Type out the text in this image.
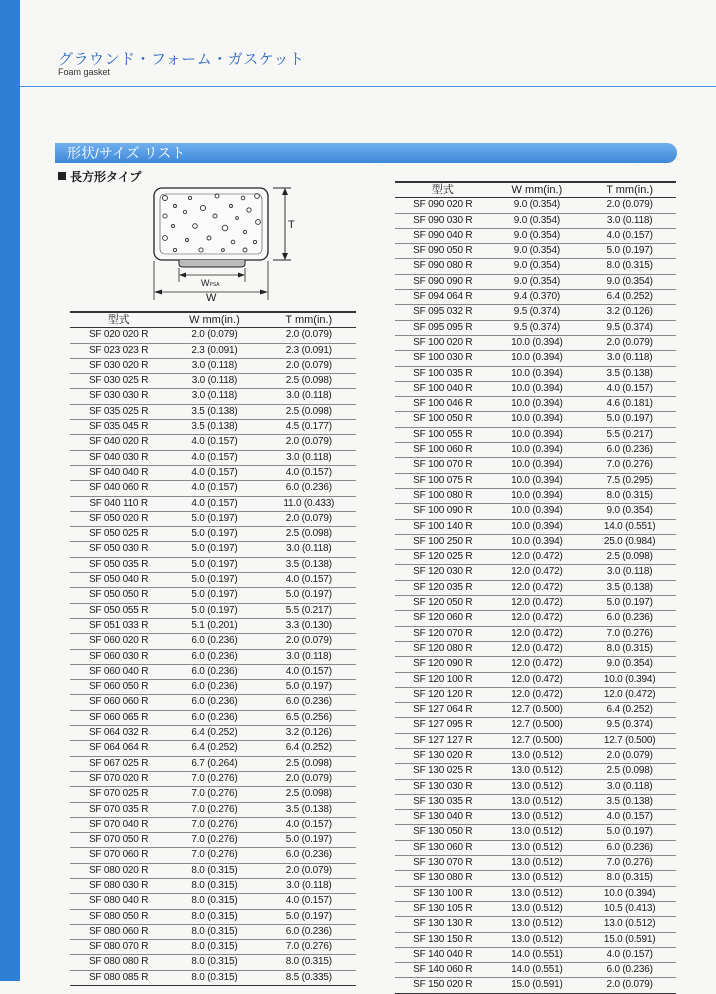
グラウンド・フォーム・ガスケット
Foam gasket
形状/サイズ リスト
長方形タイプ
T
WPSA
W
型式	W mm(in.)	T mm(in.)
SF 020 020 R	2.0 (0.079)	2.0 (0.079)
SF 023 023 R	2.3 (0.091)	2.3 (0.091)
SF 030 020 R	3.0 (0.118)	2.0 (0.079)
SF 030 025 R	3.0 (0.118)	2.5 (0.098)
SF 030 030 R	3.0 (0.118)	3.0 (0.118)
SF 035 025 R	3.5 (0.138)	2.5 (0.098)
SF 035 045 R	3.5 (0.138)	4.5 (0.177)
SF 040 020 R	4.0 (0.157)	2.0 (0.079)
SF 040 030 R	4.0 (0.157)	3.0 (0.118)
SF 040 040 R	4.0 (0.157)	4.0 (0.157)
SF 040 060 R	4.0 (0.157)	6.0 (0.236)
SF 040 110 R	4.0 (0.157)	11.0 (0.433)
SF 050 020 R	5.0 (0.197)	2.0 (0.079)
SF 050 025 R	5.0 (0.197)	2.5 (0.098)
SF 050 030 R	5.0 (0.197)	3.0 (0.118)
SF 050 035 R	5.0 (0.197)	3.5 (0.138)
SF 050 040 R	5.0 (0.197)	4.0 (0.157)
SF 050 050 R	5.0 (0.197)	5.0 (0.197)
SF 050 055 R	5.0 (0.197)	5.5 (0.217)
SF 051 033 R	5.1 (0.201)	3.3 (0.130)
SF 060 020 R	6.0 (0.236)	2.0 (0.079)
SF 060 030 R	6.0 (0.236)	3.0 (0.118)
SF 060 040 R	6.0 (0.236)	4.0 (0.157)
SF 060 050 R	6.0 (0.236)	5.0 (0.197)
SF 060 060 R	6.0 (0.236)	6.0 (0.236)
SF 060 065 R	6.0 (0.236)	6.5 (0.256)
SF 064 032 R	6.4 (0.252)	3.2 (0.126)
SF 064 064 R	6.4 (0.252)	6.4 (0.252)
SF 067 025 R	6.7 (0.264)	2.5 (0.098)
SF 070 020 R	7.0 (0.276)	2.0 (0.079)
SF 070 025 R	7.0 (0.276)	2.5 (0.098)
SF 070 035 R	7.0 (0.276)	3.5 (0.138)
SF 070 040 R	7.0 (0.276)	4.0 (0.157)
SF 070 050 R	7.0 (0.276)	5.0 (0.197)
SF 070 060 R	7.0 (0.276)	6.0 (0.236)
SF 080 020 R	8.0 (0.315)	2.0 (0.079)
SF 080 030 R	8.0 (0.315)	3.0 (0.118)
SF 080 040 R	8.0 (0.315)	4.0 (0.157)
SF 080 050 R	8.0 (0.315)	5.0 (0.197)
SF 080 060 R	8.0 (0.315)	6.0 (0.236)
SF 080 070 R	8.0 (0.315)	7.0 (0.276)
SF 080 080 R	8.0 (0.315)	8.0 (0.315)
SF 080 085 R	8.0 (0.315)	8.5 (0.335)
型式	W mm(in.)	T mm(in.)
SF 090 020 R	9.0 (0.354)	2.0 (0.079)
SF 090 030 R	9.0 (0.354)	3.0 (0.118)
SF 090 040 R	9.0 (0.354)	4.0 (0.157)
SF 090 050 R	9.0 (0.354)	5.0 (0.197)
SF 090 080 R	9.0 (0.354)	8.0 (0.315)
SF 090 090 R	9.0 (0.354)	9.0 (0.354)
SF 094 064 R	9.4 (0.370)	6.4 (0.252)
SF 095 032 R	9.5 (0.374)	3.2 (0.126)
SF 095 095 R	9.5 (0.374)	9.5 (0.374)
SF 100 020 R	10.0 (0.394)	2.0 (0.079)
SF 100 030 R	10.0 (0.394)	3.0 (0.118)
SF 100 035 R	10.0 (0.394)	3.5 (0.138)
SF 100 040 R	10.0 (0.394)	4.0 (0.157)
SF 100 046 R	10.0 (0.394)	4.6 (0.181)
SF 100 050 R	10.0 (0.394)	5.0 (0.197)
SF 100 055 R	10.0 (0.394)	5.5 (0.217)
SF 100 060 R	10.0 (0.394)	6.0 (0.236)
SF 100 070 R	10.0 (0.394)	7.0 (0.276)
SF 100 075 R	10.0 (0.394)	7.5 (0.295)
SF 100 080 R	10.0 (0.394)	8.0 (0.315)
SF 100 090 R	10.0 (0.394)	9.0 (0.354)
SF 100 140 R	10.0 (0.394)	14.0 (0.551)
SF 100 250 R	10.0 (0.394)	25.0 (0.984)
SF 120 025 R	12.0 (0.472)	2.5 (0.098)
SF 120 030 R	12.0 (0.472)	3.0 (0.118)
SF 120 035 R	12.0 (0.472)	3.5 (0.138)
SF 120 050 R	12.0 (0.472)	5.0 (0.197)
SF 120 060 R	12.0 (0.472)	6.0 (0.236)
SF 120 070 R	12.0 (0.472)	7.0 (0.276)
SF 120 080 R	12.0 (0.472)	8.0 (0.315)
SF 120 090 R	12.0 (0.472)	9.0 (0.354)
SF 120 100 R	12.0 (0.472)	10.0 (0.394)
SF 120 120 R	12.0 (0.472)	12.0 (0.472)
SF 127 064 R	12.7 (0.500)	6.4 (0.252)
SF 127 095 R	12.7 (0.500)	9.5 (0.374)
SF 127 127 R	12.7 (0.500)	12.7 (0.500)
SF 130 020 R	13.0 (0.512)	2.0 (0.079)
SF 130 025 R	13.0 (0.512)	2.5 (0.098)
SF 130 030 R	13.0 (0.512)	3.0 (0.118)
SF 130 035 R	13.0 (0.512)	3.5 (0.138)
SF 130 040 R	13.0 (0.512)	4.0 (0.157)
SF 130 050 R	13.0 (0.512)	5.0 (0.197)
SF 130 060 R	13.0 (0.512)	6.0 (0.236)
SF 130 070 R	13.0 (0.512)	7.0 (0.276)
SF 130 080 R	13.0 (0.512)	8.0 (0.315)
SF 130 100 R	13.0 (0.512)	10.0 (0.394)
SF 130 105 R	13.0 (0.512)	10.5 (0.413)
SF 130 130 R	13.0 (0.512)	13.0 (0.512)
SF 130 150 R	13.0 (0.512)	15.0 (0.591)
SF 140 040 R	14.0 (0.551)	4.0 (0.157)
SF 140 060 R	14.0 (0.551)	6.0 (0.236)
SF 150 020 R	15.0 (0.591)	2.0 (0.079)
